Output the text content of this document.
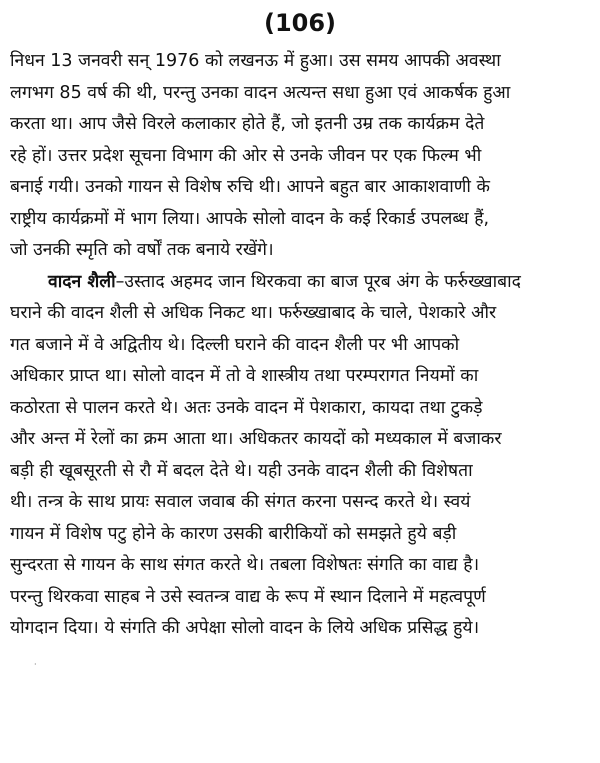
(106)
निधन 13 जनवरी सन् 1976 को लखनऊ में हुआ। उस समय आपकी अवस्था
लगभग 85 वर्ष की थी, परन्तु उनका वादन अत्यन्त सधा हुआ एवं आकर्षक हुआ
करता था। आप जैसे विरले कलाकार होते हैं, जो इतनी उम्र तक कार्यक्रम देते
रहे हों। उत्तर प्रदेश सूचना विभाग की ओर से उनके जीवन पर एक फिल्म भी
बनाई गयी। उनको गायन से विशेष रुचि थी। आपने बहुत बार आकाशवाणी के
राष्ट्रीय कार्यक्रमों में भाग लिया। आपके सोलो वादन के कई रिकार्ड उपलब्ध हैं,
जो उनकी स्मृति को वर्षों तक बनाये रखेंगे।
वादन शैली–उस्ताद अहमद जान थिरकवा का बाज पूरब अंग के फर्रुख्खाबाद
घराने की वादन शैली से अधिक निकट था। फर्रुख्खाबाद के चाले, पेशकारे और
गत बजाने में वे अद्वितीय थे। दिल्ली घराने की वादन शैली पर भी आपको
अधिकार प्राप्त था। सोलो वादन में तो वे शास्त्रीय तथा परम्परागत नियमों का
कठोरता से पालन करते थे। अतः उनके वादन में पेशकारा, कायदा तथा टुकड़े
और अन्त में रेलों का क्रम आता था। अधिकतर कायदों को मध्यकाल में बजाकर
बड़ी ही खूबसूरती से रौ में बदल देते थे। यही उनके वादन शैली की विशेषता
थी। तन्त्र के साथ प्रायः सवाल जवाब की संगत करना पसन्द करते थे। स्वयं
गायन में विशेष पटु होने के कारण उसकी बारीकियों को समझते हुये बड़ी
सुन्दरता से गायन के साथ संगत करते थे। तबला विशेषतः संगति का वाद्य है।
परन्तु थिरकवा साहब ने उसे स्वतन्त्र वाद्य के रूप में स्थान दिलाने में महत्वपूर्ण
योगदान दिया। ये संगति की अपेक्षा सोलो वादन के लिये अधिक प्रसिद्ध हुये।
·
